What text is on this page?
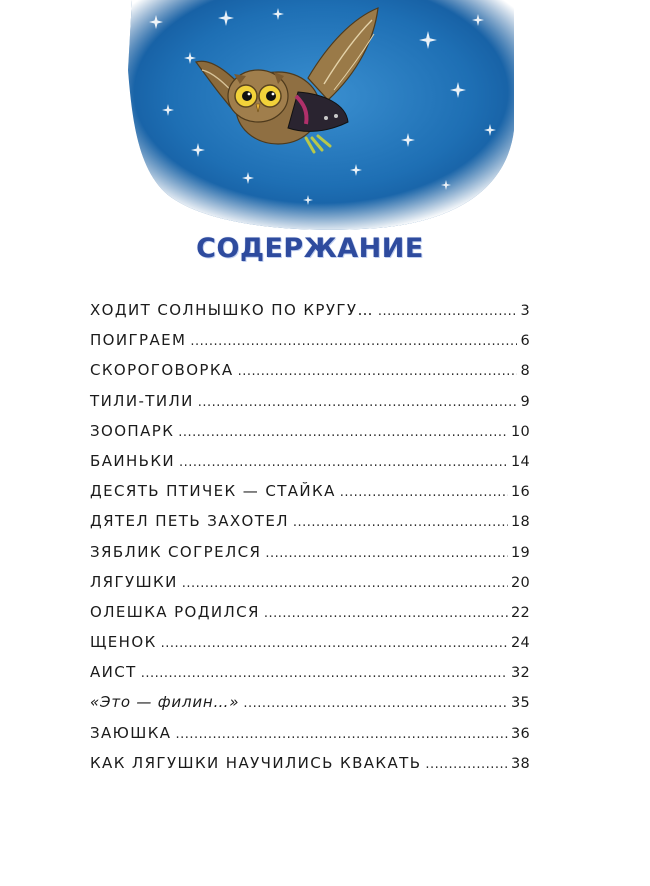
СОДЕРЖАНИЕ
ХОДИТ СОЛНЫШКО ПО КРУГУ… .....	3
ПОИГРАЕМ .....	6
СКОРОГОВОРКА .....	8
ТИЛИ-ТИЛИ .....	9
ЗООПАРК .....	10
БАИНЬКИ .....	14
ДЕСЯТЬ ПТИЧЕК — СТАЙКА .....	16
ДЯТЕЛ ПЕТЬ ЗАХОТЕЛ .....	18
ЗЯБЛИК СОГРЕЛСЯ .....	19
ЛЯГУШКИ .....	20
ОЛЕШКА РОДИЛСЯ .....	22
ЩЕНОК .....	24
АИСТ .....	32
«Это — филин…» .....	35
ЗАЮШКА .....	36
КАК ЛЯГУШКИ НАУЧИЛИСЬ КВАКАТЬ .....	38
